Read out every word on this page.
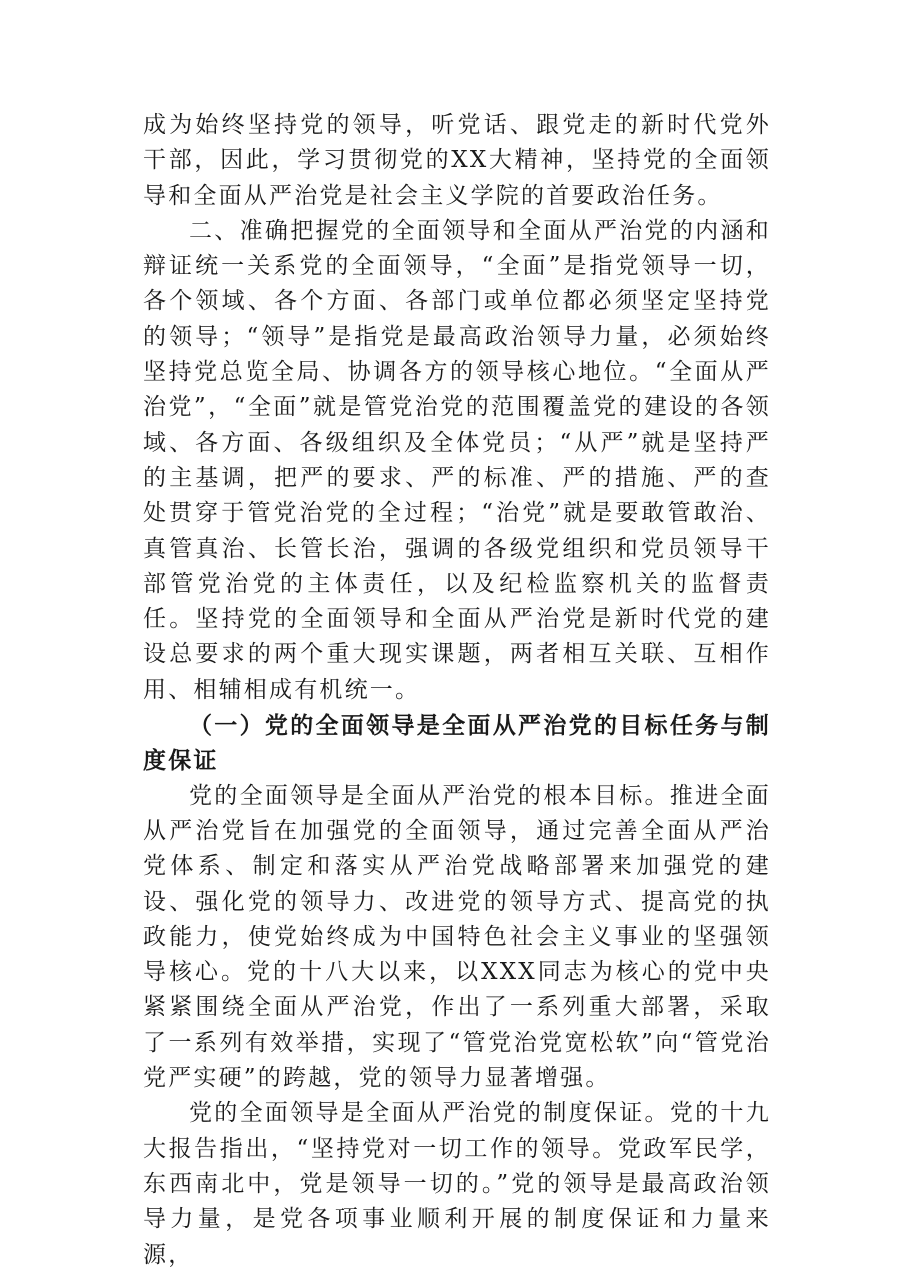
成为始终坚持党的领导，听党话、跟党走的新时代党外干部，因此，学习贯彻党的XX大精神，坚持党的全面领导和全面从严治党是社会主义学院的首要政治任务。

二、准确把握党的全面领导和全面从严治党的内涵和辩证统一关系党的全面领导，“全面”是指党领导一切，各个领域、各个方面、各部门或单位都必须坚定坚持党的领导；“领导”是指党是最高政治领导力量，必须始终坚持党总览全局、协调各方的领导核心地位。“全面从严治党”，“全面”就是管党治党的范围覆盖党的建设的各领域、各方面、各级组织及全体党员；“从严”就是坚持严的主基调，把严的要求、严的标准、严的措施、严的查处贯穿于管党治党的全过程；“治党”就是要敢管敢治、真管真治、长管长治，强调的各级党组织和党员领导干部管党治党的主体责任，以及纪检监察机关的监督责任。坚持党的全面领导和全面从严治党是新时代党的建设总要求的两个重大现实课题，两者相互关联、互相作用、相辅相成有机统一。

（一）党的全面领导是全面从严治党的目标任务与制度保证

党的全面领导是全面从严治党的根本目标。推进全面从严治党旨在加强党的全面领导，通过完善全面从严治党体系、制定和落实从严治党战略部署来加强党的建设、强化党的领导力、改进党的领导方式、提高党的执政能力，使党始终成为中国特色社会主义事业的坚强领导核心。党的十八大以来，以XXX同志为核心的党中央紧紧围绕全面从严治党，作出了一系列重大部署，采取了一系列有效举措，实现了“管党治党宽松软”向“管党治党严实硬”的跨越，党的领导力显著增强。

党的全面领导是全面从严治党的制度保证。党的十九大报告指出，“坚持党对一切工作的领导。党政军民学，东西南北中，党是领导一切的。”党的领导是最高政治领导力量，是党各项事业顺利开展的制度保证和力量来源，
